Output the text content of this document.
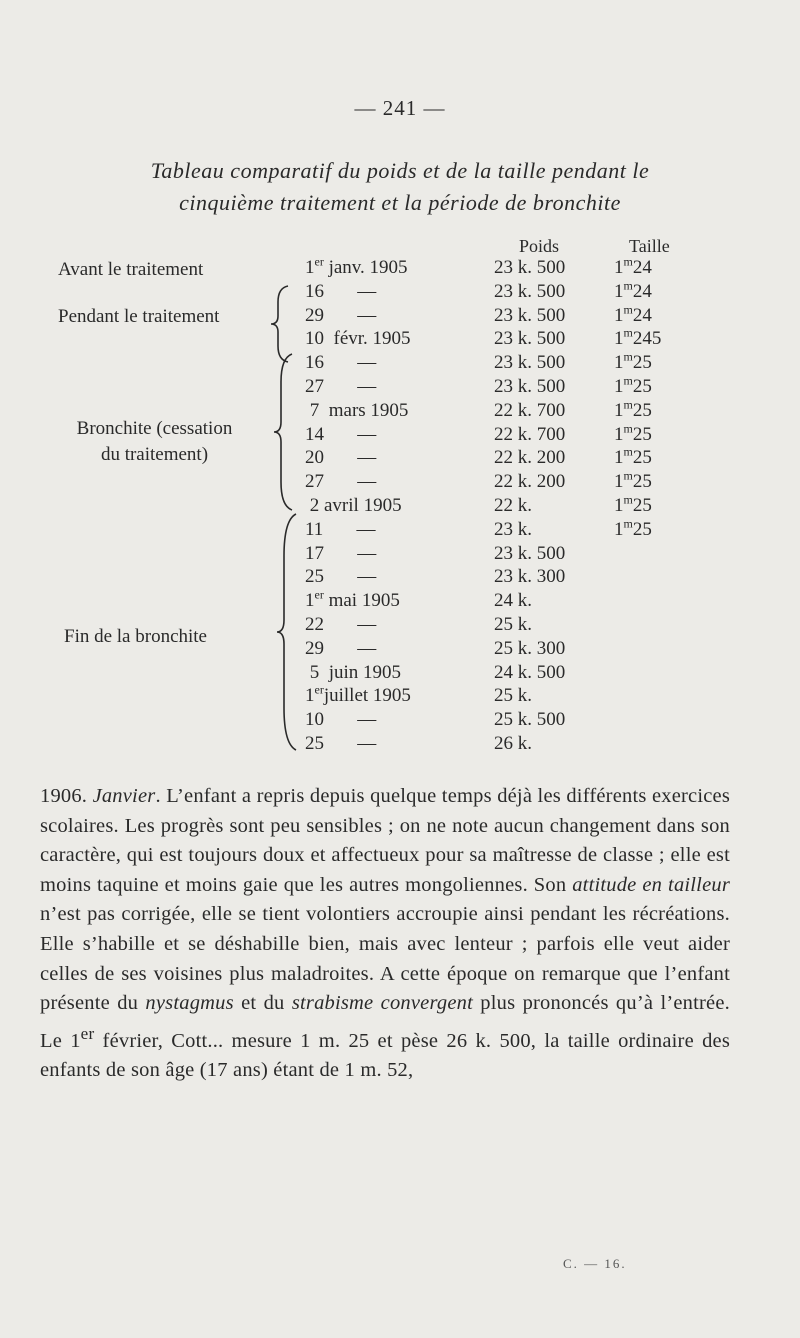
— 241 —
Tableau comparatif du poids et de la taille pendant le
cinquième traitement et la période de bronchite
Poids	Taille
Avant le traitement
Pendant le traitement
Bronchite (cessation
du traitement)
Fin de la bronchite
1er janv. 1905	23 k. 500	1$^m$24
16       —	23 k. 500	1$^m$24
29       —	23 k. 500	1$^m$24
10  févr. 1905	23 k. 500	1$^m$245
16       —	23 k. 500	1$^m$25
27       —	23 k. 500	1$^m$25
7  mars 1905	22 k. 700	1$^m$25
14       —	22 k. 700	1$^m$25
20       —	22 k. 200	1$^m$25
27       —	22 k. 200	1$^m$25
2 avril 1905	22 k.	1$^m$25
11       —	23 k.	1$^m$25
17       —	23 k. 500
25       —	23 k. 300
1er mai 1905	24 k.
22       —	25 k.
29       —	25 k. 300
5  juin 1905	24 k. 500
1erjuillet 1905	25 k.
10       —	25 k. 500
25       —	26 k.
1906. Janvier. L’enfant a repris depuis quelque temps déjà les différents exercices scolaires. Les progrès sont peu sensibles ; on ne note aucun changement dans son caractère, qui est toujours doux et affectueux pour sa maîtresse de classe ; elle est moins taquine et moins gaie que les autres mongoliennes. Son attitude en tailleur n’est pas corrigée, elle se tient volontiers accroupie ainsi pendant les récréations. Elle s’habille et se déshabille bien, mais avec lenteur ; parfois elle veut aider celles de ses voisines plus maladroites. A cette époque on remarque que l’enfant présente du nystagmus et du strabisme convergent plus prononcés qu’à l’entrée. Le 1er février, Cott... mesure 1 m. 25 et pèse 26 k. 500, la taille ordinaire des enfants de son âge (17 ans) étant de 1 m. 52,
C. — 16.
